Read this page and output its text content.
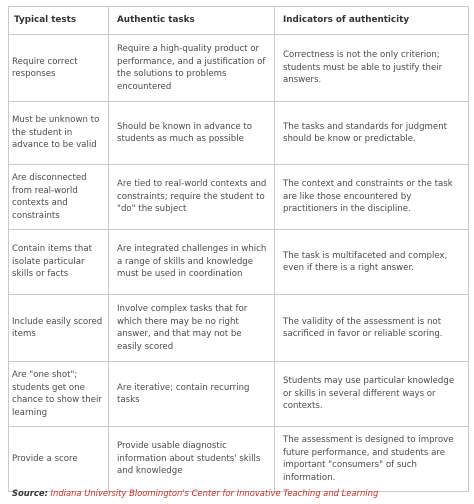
Typical tests	Authentic tasks	Indicators of authenticity
Require correct responses	Require a high-quality product or performance, and a justification of the solutions to problems encountered	Correctness is not the only criterion; students must be able to justify their answers.
Must be unknown to the student in advance to be valid	Should be known in advance to students as much as possible	The tasks and standards for judgment should be know or predictable.
Are disconnected from real-world contexts and constraints	Are tied to real-world contexts and constraints; require the student to "do" the subject	The context and constraints or the task are like those encountered by practitioners in the discipline.
Contain items that isolate particular skills or facts	Are integrated challenges in which a range of skills and knowledge must be used in coordination	The task is multifaceted and complex, even if there is a right answer.
Include easily scored items	Involve complex tasks that for which there may be no right answer, and that may not be easily scored	The validity of the assessment is not sacrificed in favor or reliable scoring.
Are "one shot"; students get one chance to show their learning	Are iterative; contain recurring tasks	Students may use particular knowledge or skills in several different ways or contexts.
Provide a score	Provide usable diagnostic information about students' skills and knowledge	The assessment is designed to improve future performance, and students are important "consumers" of such information.
Source: Indiana University Bloomington's Center for Innovative Teaching and Learning
